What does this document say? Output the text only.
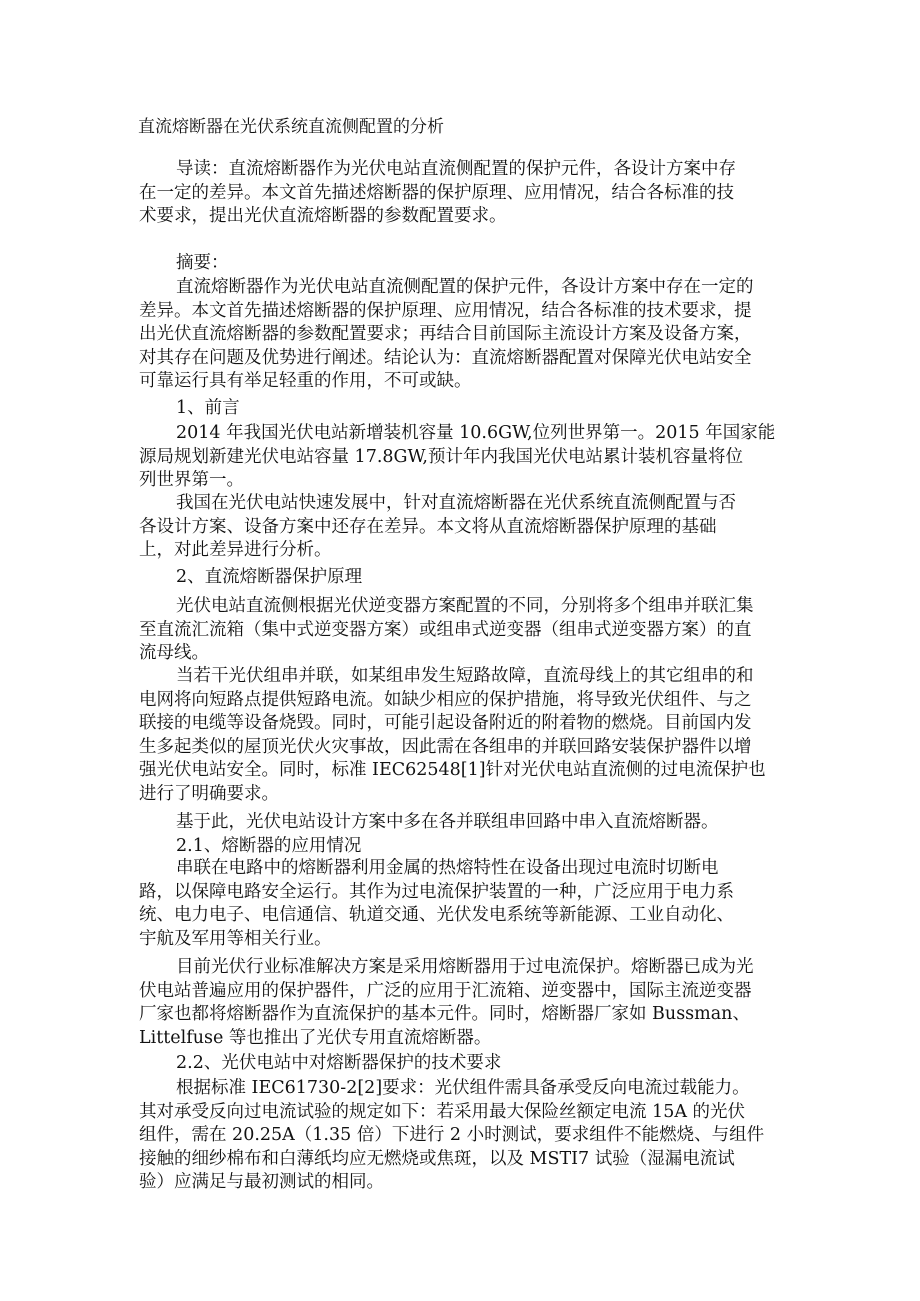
直流熔断器在光伏系统直流侧配置的分析
导读：直流熔断器作为光伏电站直流侧配置的保护元件，各设计方案中存
在一定的差异。本文首先描述熔断器的保护原理、应用情况，结合各标准的技
术要求，提出光伏直流熔断器的参数配置要求。
摘要：
直流熔断器作为光伏电站直流侧配置的保护元件，各设计方案中存在一定的
差异。本文首先描述熔断器的保护原理、应用情况，结合各标准的技术要求，提
出光伏直流熔断器的参数配置要求；再结合目前国际主流设计方案及设备方案，
对其存在问题及优势进行阐述。结论认为：直流熔断器配置对保障光伏电站安全
可靠运行具有举足轻重的作用，不可或缺。
1、前言
2014 年我国光伏电站新增装机容量 10.6GW,位列世界第一。2015 年国家能
源局规划新建光伏电站容量 17.8GW,预计年内我国光伏电站累计装机容量将位
列世界第一。
我国在光伏电站快速发展中，针对直流熔断器在光伏系统直流侧配置与否
各设计方案、设备方案中还存在差异。本文将从直流熔断器保护原理的基础
上，对此差异进行分析。
2、直流熔断器保护原理
光伏电站直流侧根据光伏逆变器方案配置的不同，分别将多个组串并联汇集
至直流汇流箱（集中式逆变器方案）或组串式逆变器（组串式逆变器方案）的直
流母线。
当若干光伏组串并联，如某组串发生短路故障，直流母线上的其它组串的和
电网将向短路点提供短路电流。如缺少相应的保护措施，将导致光伏组件、与之
联接的电缆等设备烧毁。同时，可能引起设备附近的附着物的燃烧。目前国内发
生多起类似的屋顶光伏火灾事故，因此需在各组串的并联回路安装保护器件以增
强光伏电站安全。同时，标准 IEC62548[1]针对光伏电站直流侧的过电流保护也
进行了明确要求。
基于此，光伏电站设计方案中多在各并联组串回路中串入直流熔断器。
2.1、熔断器的应用情况
串联在电路中的熔断器利用金属的热熔特性在设备出现过电流时切断电
路，以保障电路安全运行。其作为过电流保护装置的一种，广泛应用于电力系
统、电力电子、电信通信、轨道交通、光伏发电系统等新能源、工业自动化、
宇航及军用等相关行业。
目前光伏行业标准解决方案是采用熔断器用于过电流保护。熔断器已成为光
伏电站普遍应用的保护器件，广泛的应用于汇流箱、逆变器中，国际主流逆变器
厂家也都将熔断器作为直流保护的基本元件。同时，熔断器厂家如 Bussman、
Littelfuse 等也推出了光伏专用直流熔断器。
2.2、光伏电站中对熔断器保护的技术要求
根据标准 IEC61730-2[2]要求：光伏组件需具备承受反向电流过载能力。
其对承受反向过电流试验的规定如下：若采用最大保险丝额定电流 15A 的光伏
组件，需在 20.25A（1.35 倍）下进行 2 小时测试，要求组件不能燃烧、与组件
接触的细纱棉布和白薄纸均应无燃烧或焦斑，以及 MSTI7 试验（湿漏电流试
验）应满足与最初测试的相同。
